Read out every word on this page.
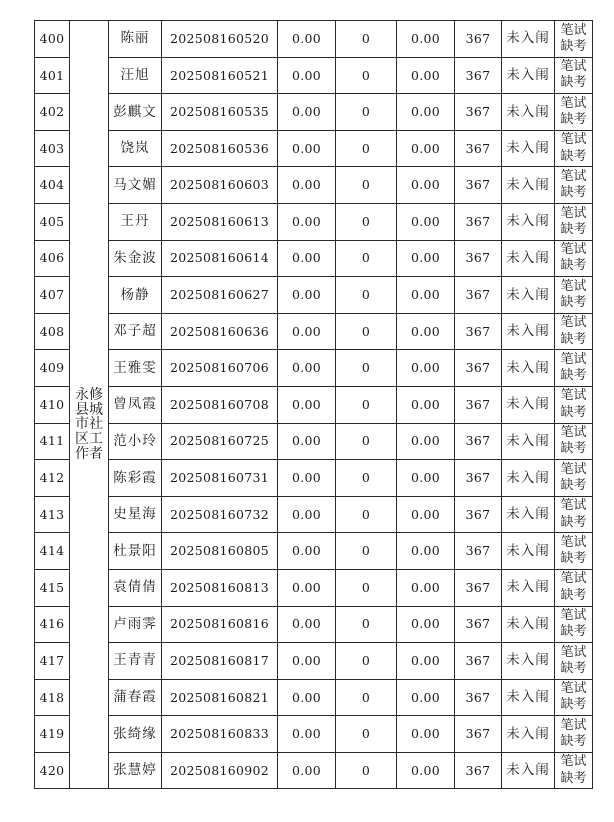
400	永修县城市社区工作者	陈丽	202508160520	0.00	0	0.00	367	未入闱	笔试
缺考

401		汪旭	202508160521	0.00	0	0.00	367	未入闱	笔试
缺考

402		彭麒文	202508160535	0.00	0	0.00	367	未入闱	笔试
缺考

403		饶岚	202508160536	0.00	0	0.00	367	未入闱	笔试
缺考

404		马文媚	202508160603	0.00	0	0.00	367	未入闱	笔试
缺考

405		王丹	202508160613	0.00	0	0.00	367	未入闱	笔试
缺考

406		朱金波	202508160614	0.00	0	0.00	367	未入闱	笔试
缺考

407		杨静	202508160627	0.00	0	0.00	367	未入闱	笔试
缺考

408		邓子超	202508160636	0.00	0	0.00	367	未入闱	笔试
缺考

409		王雅雯	202508160706	0.00	0	0.00	367	未入闱	笔试
缺考

410		曾凤霞	202508160708	0.00	0	0.00	367	未入闱	笔试
缺考

411		范小玲	202508160725	0.00	0	0.00	367	未入闱	笔试
缺考

412		陈彩霞	202508160731	0.00	0	0.00	367	未入闱	笔试
缺考

413		史星海	202508160732	0.00	0	0.00	367	未入闱	笔试
缺考

414		杜景阳	202508160805	0.00	0	0.00	367	未入闱	笔试
缺考

415		袁倩倩	202508160813	0.00	0	0.00	367	未入闱	笔试
缺考

416		卢雨霁	202508160816	0.00	0	0.00	367	未入闱	笔试
缺考

417		王青青	202508160817	0.00	0	0.00	367	未入闱	笔试
缺考

418		蒲春霞	202508160821	0.00	0	0.00	367	未入闱	笔试
缺考

419		张绮缘	202508160833	0.00	0	0.00	367	未入闱	笔试
缺考

420		张慧婷	202508160902	0.00	0	0.00	367	未入闱	笔试
缺考
